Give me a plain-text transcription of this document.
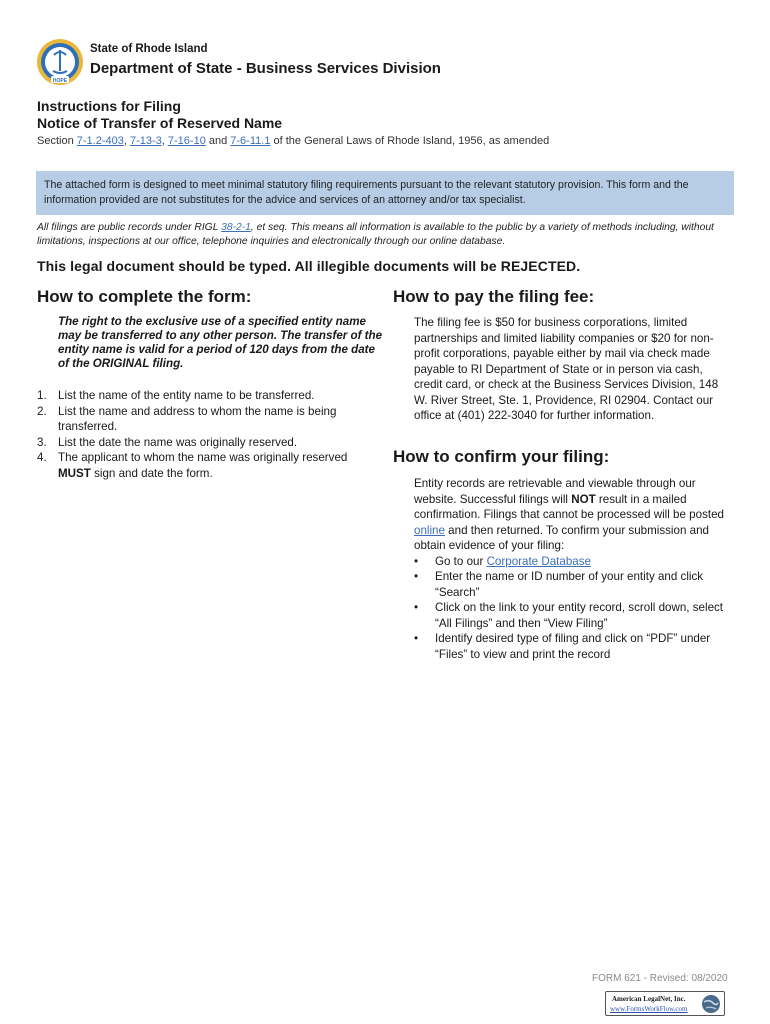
HOPE
State of Rhode Island
Department of State - Business Services Division
Instructions for Filing
Notice of Transfer of Reserved Name
Section 7-1.2-403, 7-13-3, 7-16-10 and 7-6-11.1 of the General Laws of Rhode Island, 1956, as amended
The attached form is designed to meet minimal statutory filing requirements pursuant to the relevant statutory provision. This form and the information provided are not substitutes for the advice and services of an attorney and/or tax specialist.
All filings are public records under RIGL 38-2-1, et seq. This means all information is available to the public by a variety of methods including, without limitations, inspections at our office, telephone inquiries and electronically through our online database.
This legal document should be typed. All illegible documents will be REJECTED.
How to complete the form:
The right to the exclusive use of a specified entity name may be transferred to any other person. The transfer of the entity name is valid for a period of 120 days from the date of the ORIGINAL filing.
1. List the name of the entity name to be transferred.
2. List the name and address to whom the name is being transferred.
3. List the date the name was originally reserved.
4. The applicant to whom the name was originally reserved MUST sign and date the form.
How to pay the filing fee:
The filing fee is $50 for business corporations, limited partnerships and limited liability companies or $20 for non-profit corporations, payable either by mail via check made payable to RI Department of State or in person via cash, credit card, or check at the Business Services Division, 148 W. River Street, Ste. 1, Providence, RI 02904. Contact our office at (401) 222-3040 for further information.
How to confirm your filing:
Entity records are retrievable and viewable through our website. Successful filings will NOT result in a mailed confirmation. Filings that cannot be processed will be posted online and then returned. To confirm your submission and obtain evidence of your filing:
• Go to our Corporate Database
• Enter the name or ID number of your entity and click “Search”
• Click on the link to your entity record, scroll down, select “All Filings” and then “View Filing”
• Identify desired type of filing and click on “PDF” under “Files” to view and print the record
FORM 621 - Revised: 08/2020
American LegalNet, Inc.
www.FormsWorkFlow.com
